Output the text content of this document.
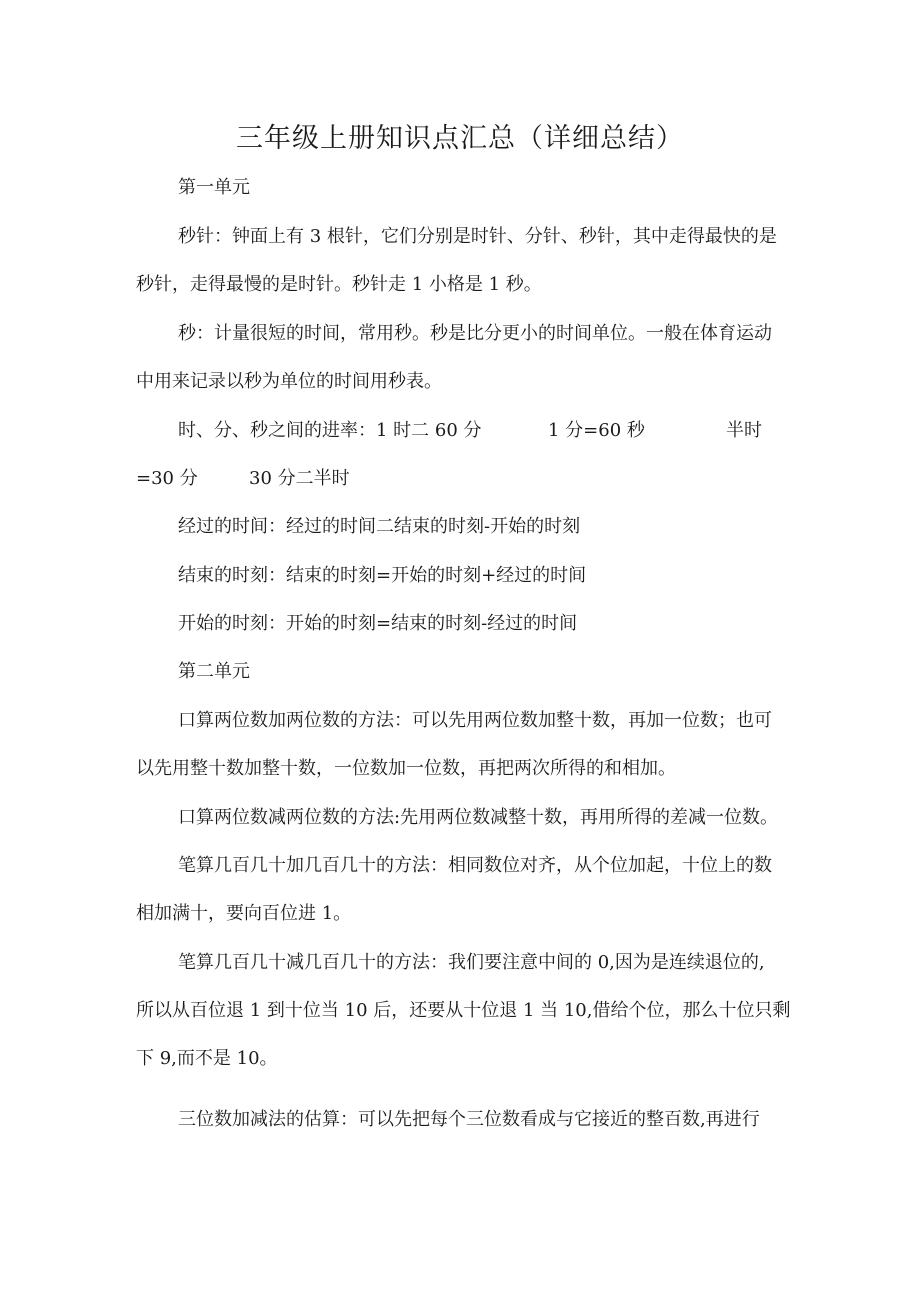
三年级上册知识点汇总（详细总结）
第一单元
秒针：钟面上有 3 根针，它们分别是时针、分针、秒针，其中走得最快的是
秒针，走得最慢的是时针。秒针走 1 小格是 1 秒。
秒：计量很短的时间，常用秒。秒是比分更小的时间单位。一般在体育运动
中用来记录以秒为单位的时间用秒表。
时、分、秒之间的进率：1 时二 60 分	1 分=60 秒	半时
=30 分	30 分二半时
经过的时间：经过的时间二结束的时刻-开始的时刻
结束的时刻：结束的时刻=开始的时刻+经过的时间
开始的时刻：开始的时刻=结束的时刻-经过的时间
第二单元
口算两位数加两位数的方法：可以先用两位数加整十数，再加一位数；也可
以先用整十数加整十数，一位数加一位数，再把两次所得的和相加。
口算两位数减两位数的方法:先用两位数减整十数，再用所得的差减一位数。
笔算几百几十加几百几十的方法：相同数位对齐，从个位加起，十位上的数
相加满十，要向百位进 1。
笔算几百几十减几百几十的方法：我们要注意中间的 0,因为是连续退位的,
所以从百位退 1 到十位当 10 后，还要从十位退 1 当 10,借给个位，那么十位只剩
下 9,而不是 10。
三位数加减法的估算：可以先把每个三位数看成与它接近的整百数,再进行
